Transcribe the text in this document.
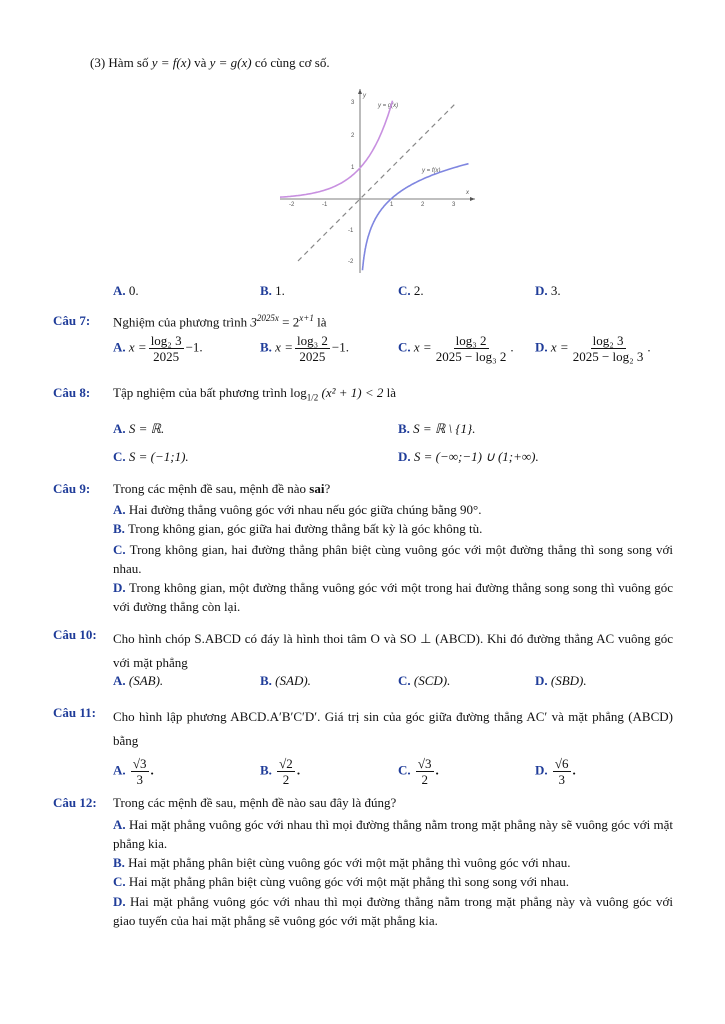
(3) Hàm số y = f(x) và y = g(x) có cùng cơ số.
-2	-1	1	2	3
3
2
1
-1
-2
y
x
y = g(x)
y = f(x)
A. 0.	B. 1.	C. 2.	D. 3.
Câu 7: Nghiệm của phương trình $3^{2025x} = 2^{x+1}$ là
A. $x = \frac{\text{log₂ 3}}{2025} -1$.	B. $x = \frac{\text{log₃ 2}}{2025} -1$.	C. $x = \frac{\text{log₃ 2}}{\text{2025 − log₃ 2}}$ . D. $x = \frac{\text{log₂ 3}}{\text{2025 − log₂ 3}}$ .
Câu 8: Tập nghiệm của bất phương trình $\log_{1/2} (x^2 + 1) < 2$ là
A. S = ℝ.	B. S = ℝ \ {1}.
C. S = (−1;1).	D. S = (−∞;−1) ∪ (1;+∞).
Câu 9: Trong các mệnh đề sau, mệnh đề nào sai?
A. Hai đường thẳng vuông góc với nhau nếu góc giữa chúng bằng 90°.
B. Trong không gian, góc giữa hai đường thẳng bất kỳ là góc không tù.
C. Trong không gian, hai đường thẳng phân biệt cùng vuông góc với một đường thẳng thì song song với nhau.
D. Trong không gian, một đường thẳng vuông góc với một trong hai đường thẳng song song thì vuông góc với đường thẳng còn lại.
Câu 10: Cho hình chóp S.ABCD có đáy là hình thoi tâm O và SO ⊥ (ABCD). Khi đó đường thẳng AC vuông góc với mặt phẳng
A. (SAB).	B. (SAD).	C. (SCD).	D. (SBD).
Câu 11: Cho hình lập phương ABCD.A′B′C′D′. Giá trị sin của góc giữa đường thẳng AC′ và mặt phẳng (ABCD) bằng
A. $\frac{√3}{3}$ .	B. $\frac{√2}{2}$ .	C. $\frac{√3}{2}$ .	D. $\frac{√6}{3}$ .
Câu 12: Trong các mệnh đề sau, mệnh đề nào sau đây là đúng?
A. Hai mặt phẳng vuông góc với nhau thì mọi đường thẳng nằm trong mặt phẳng này sẽ vuông góc với mặt phẳng kia.
B. Hai mặt phẳng phân biệt cùng vuông góc với một mặt phẳng thì vuông góc với nhau.
C. Hai mặt phẳng phân biệt cùng vuông góc với một mặt phẳng thì song song với nhau.
D. Hai mặt phẳng vuông góc với nhau thì mọi đường thẳng nằm trong mặt phẳng này và vuông góc với giao tuyến của hai mặt phẳng sẽ vuông góc với mặt phẳng kia.
